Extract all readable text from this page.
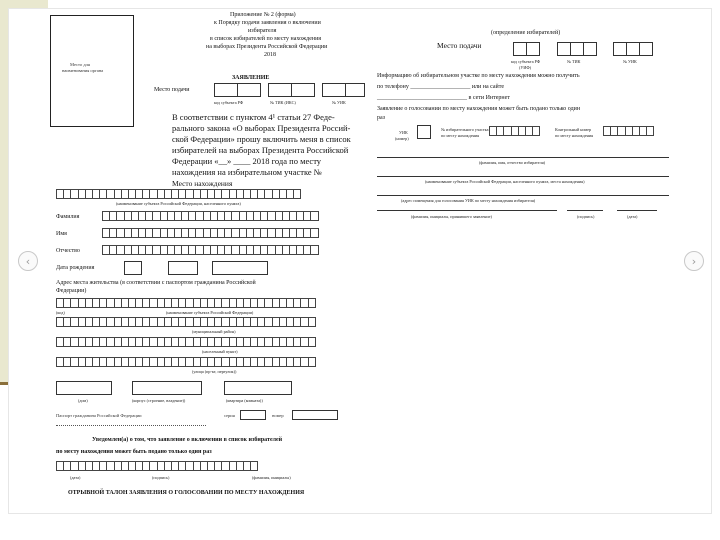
Место для
наименования органа
Приложение № 2 (форма)
к Порядку подачи заявления о включении
избирателя
в список избирателей по месту нахождения
на выборах Президента Российской Федерации
2018
Место подачи
ЗАЯВЛЕНИЕ
код субъекта РФ	№ ТИК (ИКС)	№ УИК
В соответствии с пунктом 4¹ статьи 27 Феде-
рального закона «О выборах Президента Россий-
ской Федерации» прошу включить меня в список
избирателей на выборах Президента Российской
Федерации «__» ____ 2018 года по месту
нахождения на избирательном участке №
Место нахождения
(наименование субъекта Российской Федерации, населенного пункта)
Фамилия
Имя
Отчество
Дата рождения
Адрес места жительства (в соответствии с паспортом гражданина Российской
Федерации)
(код)	(наименование субъекта Российской Федерации)
(муниципальный район)
(населенный пункт)
(улица (пр-кт, переулок))
(дом)	(корпус (строение, владение))	(квартира (комната))
Паспорт гражданина Российской Федерации	серия	номер
Уведомлен(а) о том, что заявление о включении в список избирателей
по месту нахождения может быть подано только один раз
(дата)	(подпись)	(фамилия, инициалы)
ОТРЫВНОЙ ТАЛОН ЗАЯВЛЕНИЯ О ГОЛОСОВАНИИ ПО МЕСТУ НАХОЖДЕНИЯ
(определение избирателей)
Место подачи
код субъекта РФ	№ ТИК	№ УИК
(УИФ)
Информацию об избирательном участке по месту нахождения можно получить
по телефону ____________________ или на сайте
______________________________ в сети Интернет
Заявление о голосовании по месту нахождения может быть подано только один
раз
УИК
(номер)
№ избирательного участка
по месту нахождения
Контрольный номер
по месту нахождения
(фамилия, имя, отчество избирателя)
(наименование субъекта Российской Федерации, населенного пункта, места нахождения)
(адрес помещения для голосования УИК по месту нахождения избирателя)
(фамилия, инициалы, принявшего заявление)	(подпись)	(дата)
‹	›
